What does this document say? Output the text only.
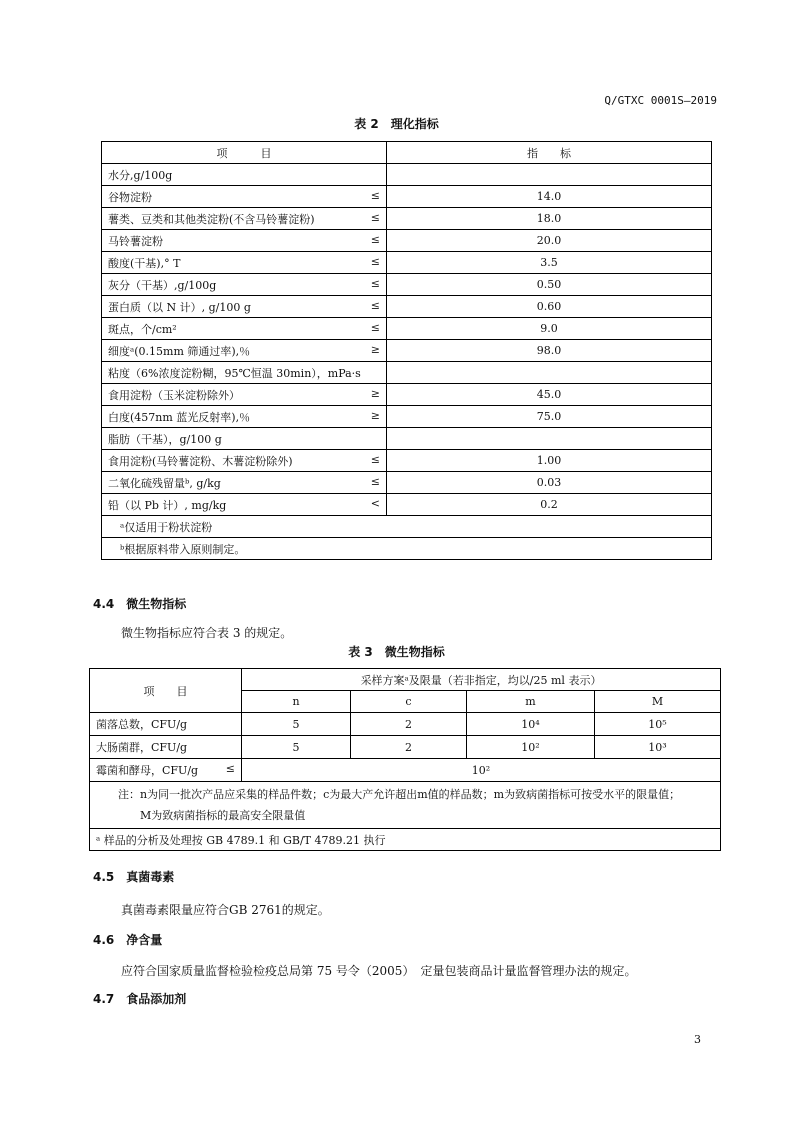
Q/GTXC 0001S—2019
表 2　理化指标
项　　　目	指　　标
水分,g/100g	
谷物淀粉 ≤	14.0
薯类、豆类和其他类淀粉(不含马铃薯淀粉) ≤	18.0
马铃薯淀粉 ≤	20.0
酸度(干基),° T ≤	3.5
灰分（干基）,g/100g ≤	0.50
蛋白质（以 N 计）, g/100 g ≤	0.60
斑点，个/cm² ≤	9.0
细度ᵃ(0.15mm 筛通过率),％ ≥	98.0
粘度（6%浓度淀粉糊，95℃恒温 30min），mPa·s	
食用淀粉（玉米淀粉除外） ≥	45.0
白度(457nm 蓝光反射率),％ ≥	75.0
脂肪（干基），g/100 g	
食用淀粉(马铃薯淀粉、木薯淀粉除外) ≤	1.00
二氧化硫残留量ᵇ, g/kg ≤	0.03
铅（以 Pb 计）, mg/kg <	0.2
ᵃ仅适用于粉状淀粉	
ᵇ根据原料带入原则制定。	
4.4　微生物指标
微生物指标应符合表 3 的规定。
表 3　微生物指标
项　　目	采样方案ᵃ及限量（若非指定，均以/25 ml 表示）			
	n	c	m	M
菌落总数，CFU/g	5	2	10⁴	10⁵
大肠菌群，CFU/g	5	2	10²	10³
霉菌和酵母，CFU/g ≤	10²			

注：n为同一批次产品应采集的样品件数；c为最大产允许超出m值的样品数；m为致病菌指标可按受水平的限量值；
M为致病菌指标的最高安全限量值				

ᵃ 样品的分析及处理按 GB 4789.1 和 GB/T 4789.21 执行				
4.5　真菌毒素
真菌毒素限量应符合GB 2761的规定。
4.6　净含量
应符合国家质量监督检验检疫总局第 75 号令（2005）　定量包装商品计量监督管理办法的规定。
4.7　食品添加剂
3
